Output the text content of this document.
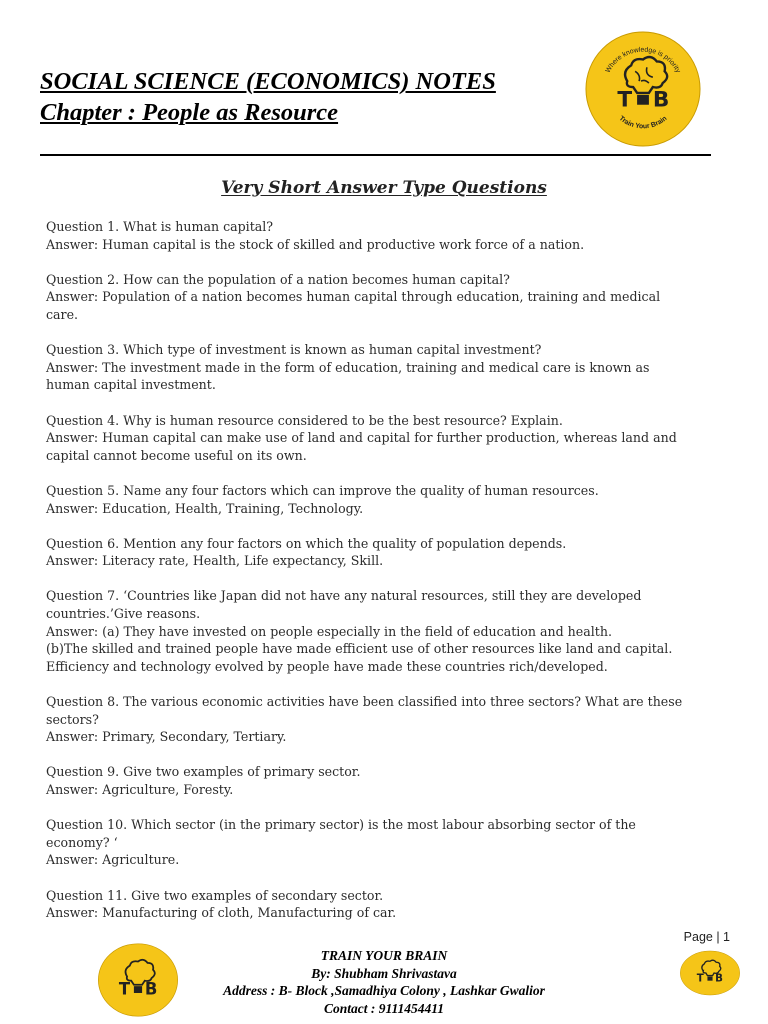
SOCIAL SCIENCE (ECONOMICS) NOTES
Chapter : People as Resource
Where knowledge is priority
T B
Train Your Brain
Very Short Answer Type Questions
Question 1. What is human capital?
Answer: Human capital is the stock of skilled and productive work force of a nation.
Question 2. How can the population of a nation becomes human capital?
Answer: Population of a nation becomes human capital through education, training and medical
care.
Question 3. Which type of investment is known as human capital investment?
Answer: The investment made in the form of education, training and medical care is known as
human capital investment.
Question 4. Why is human resource considered to be the best resource? Explain.
Answer: Human capital can make use of land and capital for further production, whereas land and
capital cannot become useful on its own.
Question 5. Name any four factors which can improve the quality of human resources.
Answer: Education, Health, Training, Technology.
Question 6. Mention any four factors on which the quality of population depends.
Answer: Literacy rate, Health, Life expectancy, Skill.
Question 7. ‘Countries like Japan did not have any natural resources, still they are developed
countries.’Give reasons.
Answer: (a) They have invested on people especially in the field of education and health.
(b)The skilled and trained people have made efficient use of other resources like land and capital.
Efficiency and technology evolved by people have made these countries rich/developed.
Question 8. The various economic activities have been classified into three sectors? What are these
sectors?
Answer: Primary, Secondary, Tertiary.
Question 9. Give two examples of primary sector.
Answer: Agriculture, Foresty.
Question 10. Which sector (in the primary sector) is the most labour absorbing sector of the
economy? ‘
Answer: Agriculture.
Question 11. Give two examples of secondary sector.
Answer: Manufacturing of cloth, Manufacturing of car.
Page | 1
T B
TRAIN YOUR BRAIN
By: Shubham Shrivastava
Address : B- Block ,Samadhiya Colony , Lashkar Gwalior
Contact : 9111454411
T B
